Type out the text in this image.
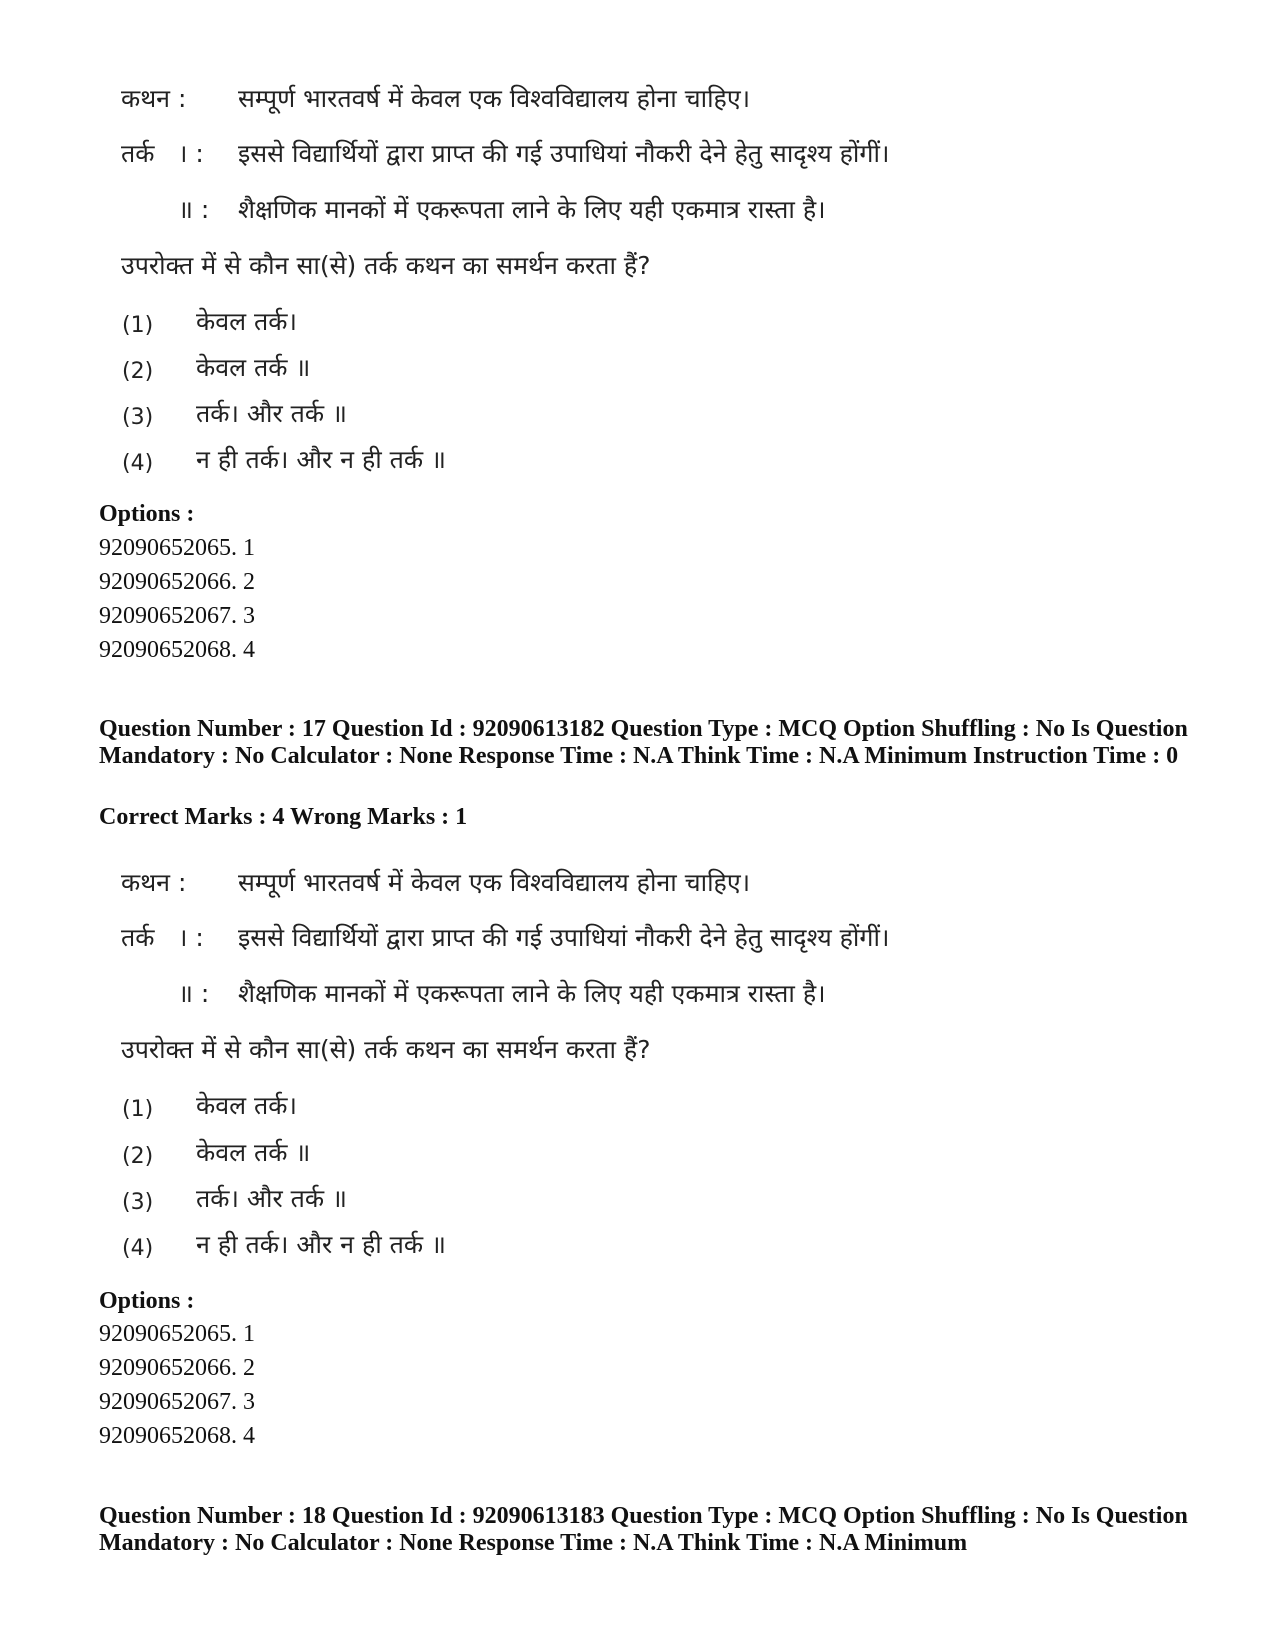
कथन : सम्पूर्ण भारतवर्ष में केवल एक विश्वविद्यालय होना चाहिए।
तर्क । : इससे विद्यार्थियों द्वारा प्राप्त की गई उपाधियां नौकरी देने हेतु सादृश्य होंगीं।
॥ : शैक्षणिक मानकों में एकरूपता लाने के लिए यही एकमात्र रास्ता है।
उपरोक्त में से कौन सा(से) तर्क कथन का समर्थन करता हैं?
(1) केवल तर्क।
(2) केवल तर्क ॥
(3) तर्क। और तर्क ॥
(4) न ही तर्क। और न ही तर्क ॥
Options :
92090652065. 1
92090652066. 2
92090652067. 3
92090652068. 4
Question Number : 17 Question Id : 92090613182 Question Type : MCQ Option Shuffling : No Is Question Mandatory : No Calculator : None Response Time : N.A Think Time : N.A Minimum Instruction Time : 0
Correct Marks : 4 Wrong Marks : 1
कथन : सम्पूर्ण भारतवर्ष में केवल एक विश्वविद्यालय होना चाहिए।
तर्क । : इससे विद्यार्थियों द्वारा प्राप्त की गई उपाधियां नौकरी देने हेतु सादृश्य होंगीं।
॥ : शैक्षणिक मानकों में एकरूपता लाने के लिए यही एकमात्र रास्ता है।
उपरोक्त में से कौन सा(से) तर्क कथन का समर्थन करता हैं?
(1) केवल तर्क।
(2) केवल तर्क ॥
(3) तर्क। और तर्क ॥
(4) न ही तर्क। और न ही तर्क ॥
Options :
92090652065. 1
92090652066. 2
92090652067. 3
92090652068. 4
Question Number : 18 Question Id : 92090613183 Question Type : MCQ Option Shuffling : No Is Question Mandatory : No Calculator : None Response Time : N.A Think Time : N.A Minimum
